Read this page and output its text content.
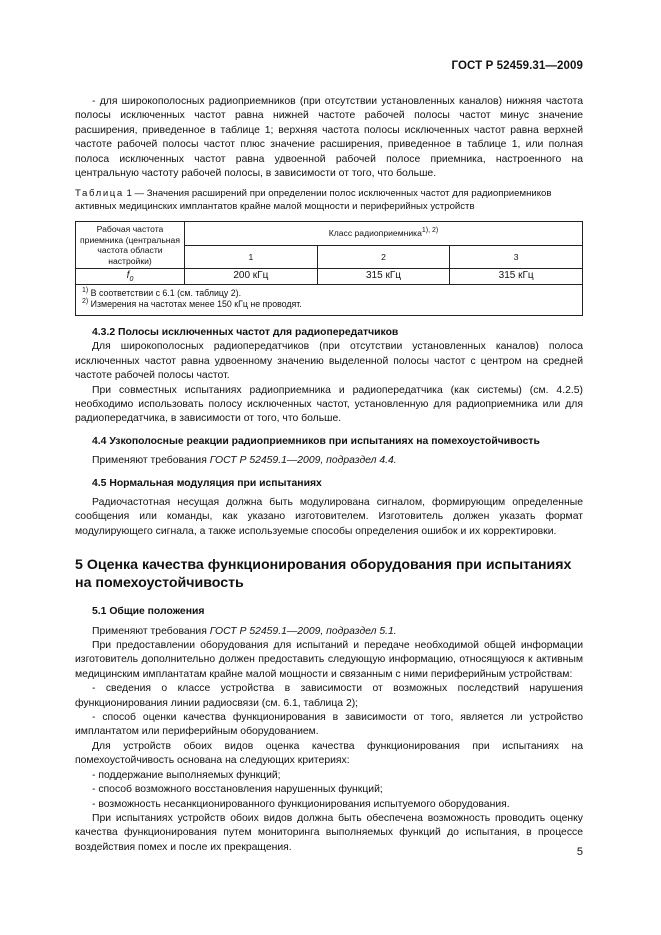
ГОСТ Р 52459.31—2009

- для широкополосных радиоприемников (при отсутствии установленных каналов) нижняя частота полосы исключенных частот равна нижней частоте рабочей полосы частот минус значение расширения, приведенное в таблице 1; верхняя частота полосы исключенных частот равна верхней частоте рабочей полосы частот плюс значение расширения, приведенное в таблице 1, или полная полоса исключенных частот равна удвоенной рабочей полосе приемника, настроенного на центральную частоту рабочей полосы, в зависимости от того, что больше.

Таблица 1 — Значения расширений при определении полос исключенных частот для радиоприемников активных медицинских имплантатов крайне малой мощности и периферийных устройств

Рабочая частота приемника (центральная частота области настройки)	Класс радиоприемника$^{1), 2)}$
	1	2	3
$f_0$	200 кГц	315 кГц	315 кГц

$^{1)}$ В соответствии с 6.1 (см. таблицу 2).
$^{2)}$ Измерения на частотах менее 150 кГц не проводят.			

4.3.2 Полосы исключенных частот для радиопередатчиков

Для широкополосных радиопередатчиков (при отсутствии установленных каналов) полоса исключенных частот равна удвоенному значению выделенной полосы частот с центром на средней частоте рабочей полосы частот.

При совместных испытаниях радиоприемника и радиопередатчика (как системы) (см. 4.2.5) необходимо использовать полосу исключенных частот, установленную для радиоприемника или для радиопередатчика, в зависимости от того, что больше.

4.4 Узкополосные реакции радиоприемников при испытаниях на помехоустойчивость

Применяют требования ГОСТ Р 52459.1—2009, подраздел 4.4.

4.5 Нормальная модуляция при испытаниях

Радиочастотная несущая должна быть модулирована сигналом, формирующим определенные сообщения или команды, как указано изготовителем. Изготовитель должен указать формат модулирующего сигнала, а также используемые способы определения ошибок и их корректировки.

5 Оценка качества функционирования оборудования при испытаниях

на помехоустойчивость

5.1 Общие положения

Применяют требования ГОСТ Р 52459.1—2009, подраздел 5.1.

При предоставлении оборудования для испытаний и передаче необходимой общей информации изготовитель дополнительно должен предоставить следующую информацию, относящуюся к активным медицинским имплантатам крайне малой мощности и связанным с ними периферийным устройствам:

- сведения о классе устройства в зависимости от возможных последствий нарушения функционирования линии радиосвязи (см. 6.1, таблица 2);

- способ оценки качества функционирования в зависимости от того, является ли устройство имплантатом или периферийным оборудованием.

Для устройств обоих видов оценка качества функционирования при испытаниях на помехоустойчивость основана на следующих критериях:

- поддержание выполняемых функций;

- способ возможного восстановления нарушенных функций;

- возможность несанкционированного функционирования испытуемого оборудования.

При испытаниях устройств обоих видов должна быть обеспечена возможность проводить оценку качества функционирования путем мониторинга выполняемых функций до испытания, в процессе воздействия помех и после их прекращения.	5
